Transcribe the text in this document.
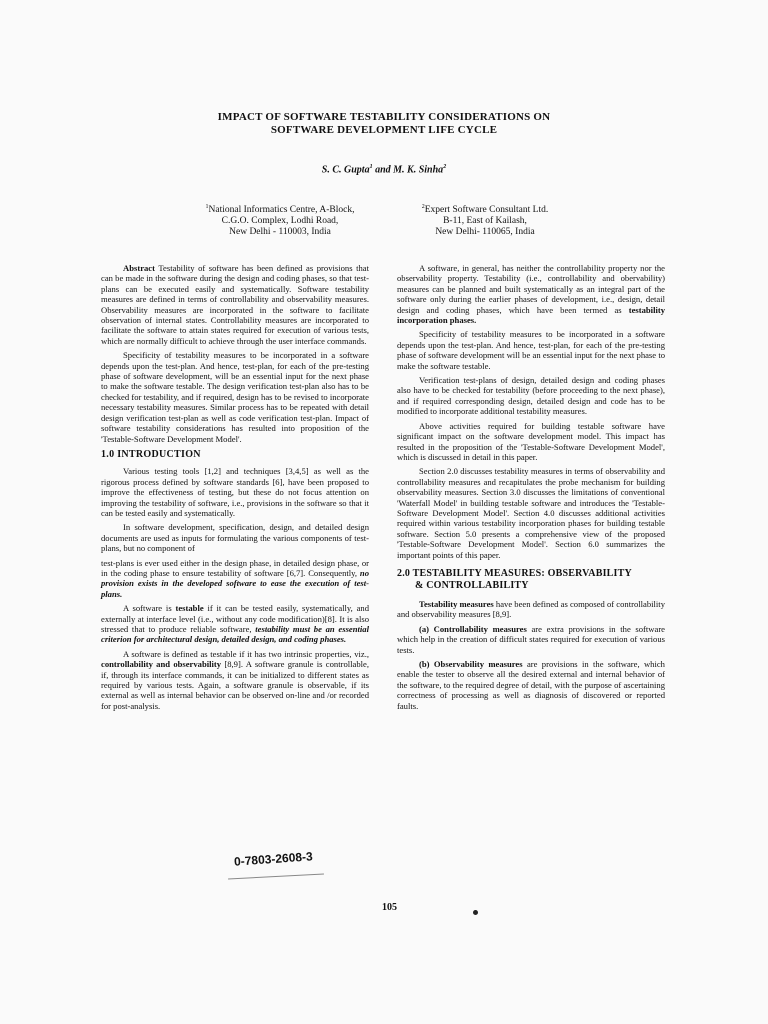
IMPACT OF SOFTWARE TESTABILITY CONSIDERATIONS ON
SOFTWARE DEVELOPMENT LIFE CYCLE
S. C. Gupta$^1$ and M. K. Sinha$^2$
$^1$National Informatics Centre, A-Block,
C.G.O. Complex, Lodhi Road,
New Delhi - 110003, India
$^2$Expert Software Consultant Ltd.
B-11, East of Kailash,
New Delhi- 110065, India

Abstract Testability of software has been defined as provisions that can be made in the software during the design and coding phases, so that test-plans can be executed easily and systematically. Software testability measures are defined in terms of controllability and observability measures. Observability measures are incorporated in the software to facilitate observation of internal states. Controllability measures are incorporated to facilitate the software to attain states required for execution of various tests, which are normally difficult to achieve through the user interface commands.

Specificity of testability measures to be incorporated in a software depends upon the test-plan. And hence, test-plan, for each of the pre-testing phase of software development, will be an essential input for the next phase to make the software testable. The design verification test-plan also has to be checked for testability, and if required, design has to be revised to incorporate necessary testability measures. Similar process has to be repeated with detail design verification test-plan as well as code verification test-plan. Impact of software testability considerations has resulted into proposition of the 'Testable-Software Development Model'.

1.0 INTRODUCTION

Various testing tools [1,2] and techniques [3,4,5] as well as the rigorous process defined by software standards [6], have been proposed to improve the effectiveness of testing, but these do not focus attention on improving the testability of software, i.e., provisions in the software so that it can be tested easily and systematically.

In software development, specification, design, and detailed design documents are used as inputs for formulating the various components of test-plans, but no component of

test-plans is ever used either in the design phase, in detailed design phase, or in the coding phase to ensure testability of software [6,7]. Consequently, no provision exists in the developed software to ease the execution of test-plans.

A software is testable if it can be tested easily, systematically, and externally at interface level (i.e., without any code modification)[8]. It is also stressed that to produce reliable software, testability must be an essential criterion for architectural design, detailed design, and coding phases.

A software is defined as testable if it has two intrinsic properties, viz., controllability and observability [8,9]. A software granule is controllable, if, through its interface commands, it can be initialized to different states as required by various tests. Again, a software granule is observable, if its external as well as internal behavior can be observed on-line and /or recorded for post-analysis.

A software, in general, has neither the controllability property nor the observability property. Testability (i.e., controllability and obervability) measures can be planned and built systematically as an integral part of the software only during the earlier phases of development, i.e., design, detail design and coding phases, which have been termed as testability incorporation phases.

Specificity of testability measures to be incorporated in a software depends upon the test-plan. And hence, test-plan, for each of the pre-testing phase of software development will be an essential input for the next phase to make the software testable.

Verification test-plans of design, detailed design and coding phases also have to be checked for testability (before proceeding to the next phase), and if required corresponding design, detailed design and code has to be modified to incorporate additional testability measures.

Above activities required for building testable software have significant impact on the software development model. This impact has resulted in the proposition of the 'Testable-Software Development Model', which is discussed in detail in this paper.

Section 2.0 discusses testability measures in terms of observability and controllability measures and recapitulates the probe mechanism for building observability measures. Section 3.0 discusses the limitations of conventional 'Waterfall Model' in building testable software and introduces the 'Testable-Software Development Model'. Section 4.0 discusses additional activities required within various testability incorporation phases for building testable software. Section 5.0 presents a comprehensive view of the proposed 'Testable-Software Development Model'. Section 6.0 summarizes the important points of this paper.

2.0 TESTABILITY MEASURES: OBSERVABILITY
& CONTROLLABILITY

Testability measures have been defined as composed of controllability and observability measures [8,9].

(a) Controllability measures are extra provisions in the software which help in the creation of difficult states required for execution of various tests.

(b) Observability measures are provisions in the software, which enable the tester to observe all the desired external and internal behavior of the software, to the required degree of detail, with the purpose of ascertaining correctness of processing as well as diagnosis of discovered or reported faults.

0-7803-2608-3
105
